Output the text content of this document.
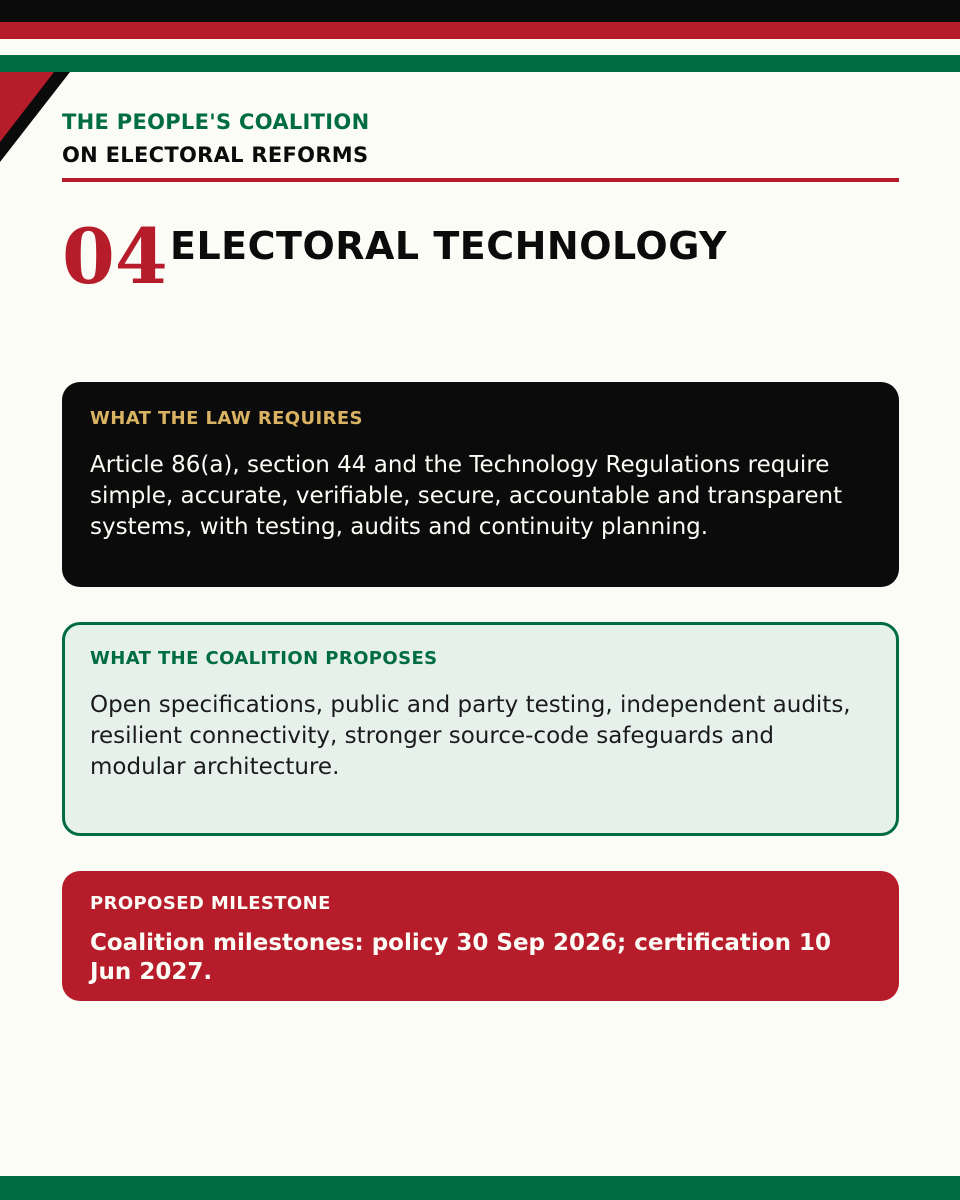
THE PEOPLE'S COALITION
ON ELECTORAL REFORMS
04 ELECTORAL TECHNOLOGY
WHAT THE LAW REQUIRES
Article 86(a), section 44 and the Technology Regulations require simple, accurate, verifiable, secure, accountable and transparent systems, with testing, audits and continuity planning.
WHAT THE COALITION PROPOSES
Open specifications, public and party testing, independent audits, resilient connectivity, stronger source-code safeguards and modular architecture.
PROPOSED MILESTONE
Coalition milestones: policy 30 Sep 2026; certification 10 Jun 2027.
